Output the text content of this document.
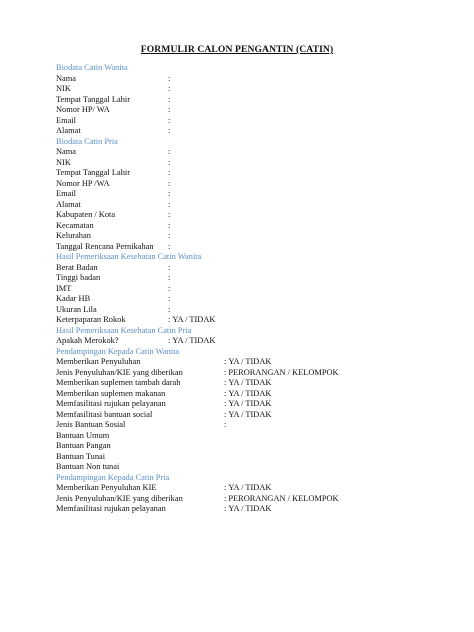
FORMULIR CALON PENGANTIN (CATIN)
Biodata Catin Wanita
Nama	:
NIK	:
Tempat Tanggal Lahir	:
Nomor HP/ WA	:
Email	:
Alamat	:
Biodata Catin Pria
Nama	:
NIK	:
Tempat Tanggal Lahir	:
Nomor HP /WA	:
Email	:
Alamat	:
Kabupaten / Kota	:
Kecamatan	:
Kelurahan	:
Tanggal Rencana Pernikahan :
Hasil Pemeriksaan Kesehatan Catin Wanita
Berat Badan	:
Tinggi badan	:
IMT	:
Kadar HB	:
Ukuran Lila	:
Keterpaparan Rokok	: YA / TIDAK
Hasil Pemeriksaan Kesehatan Catin Pria
Apakah Merokok?	: YA / TIDAK
Pendampingan Kepada Catin Wanita
Memberikan Penyuluhan	: YA / TIDAK
Jenis Penyuluhan/KIE yang diberikan	: PERORANGAN / KELOMPOK
Memberikan suplemen tambah darah	: YA / TIDAK
Memberikan suplemen makanan	: YA / TIDAK
Memfasilitasi rujukan pelayanan	: YA / TIDAK
Memfasilitasi bantuan social	: YA / TIDAK
Jenis Bantuan Sosial	:
Bantuan Umum
Bantuan Pangan
Bantuan Tunai
Bantuan Non tunai
Pendampingan Kepada Catin Pria
Memberikan Penyuluhan KIE	: YA / TIDAK
Jenis Penyuluhan/KIE yang diberikan	: PERORANGAN / KELOMPOK
Memfasilitasi rujukan pelayanan	: YA / TIDAK
